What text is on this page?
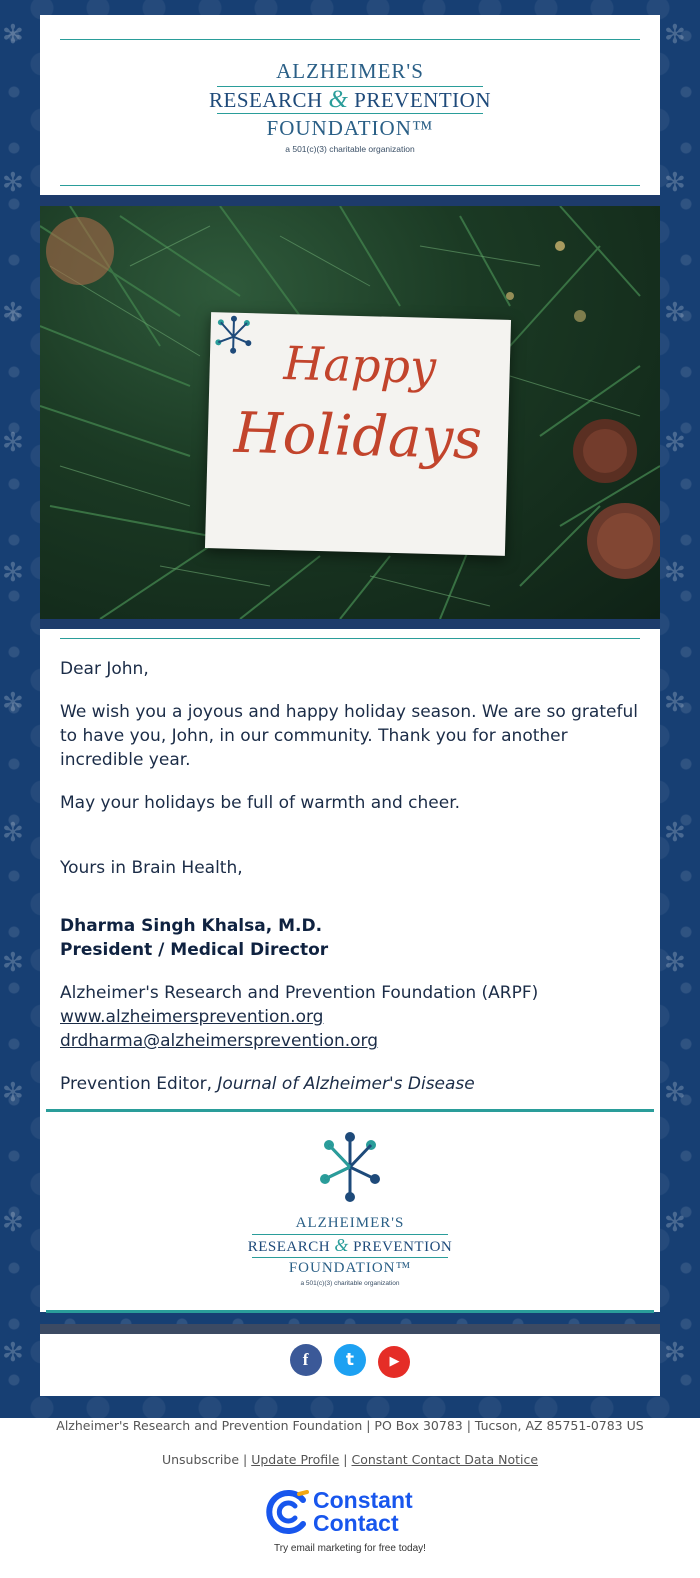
✻	✻
✻	✻
✻	✻
✻	✻
✻	✻
✻	✻
✻	✻
✻	✻
✻	✻
✻	✻
✻	✻
ALZHEIMER'S
RESEARCH & PREVENTION
FOUNDATION™
a 501(c)(3) charitable organization
Happy
Holidays

Dear John,

We wish you a joyous and happy holiday season. We are so grateful to have you, John, in our community. Thank you for another incredible year.

May your holidays be full of warmth and cheer.

Yours in Brain Health,

Dharma Singh Khalsa, M.D.
President / Medical Director
Alzheimer's Research and Prevention Foundation (ARPF)
www.alzheimersprevention.org
drdharma@alzheimersprevention.org
Prevention Editor, Journal of Alzheimer's Disease
ALZHEIMER'S
RESEARCH & PREVENTION
FOUNDATION™
a 501(c)(3) charitable organization
f t	▶
Alzheimer's Research and Prevention Foundation | PO Box 30783 | Tucson, AZ 85751-0783 US
Unsubscribe | Update Profile | Constant Contact Data Notice
Constant
Contact
Try email marketing for free today!
